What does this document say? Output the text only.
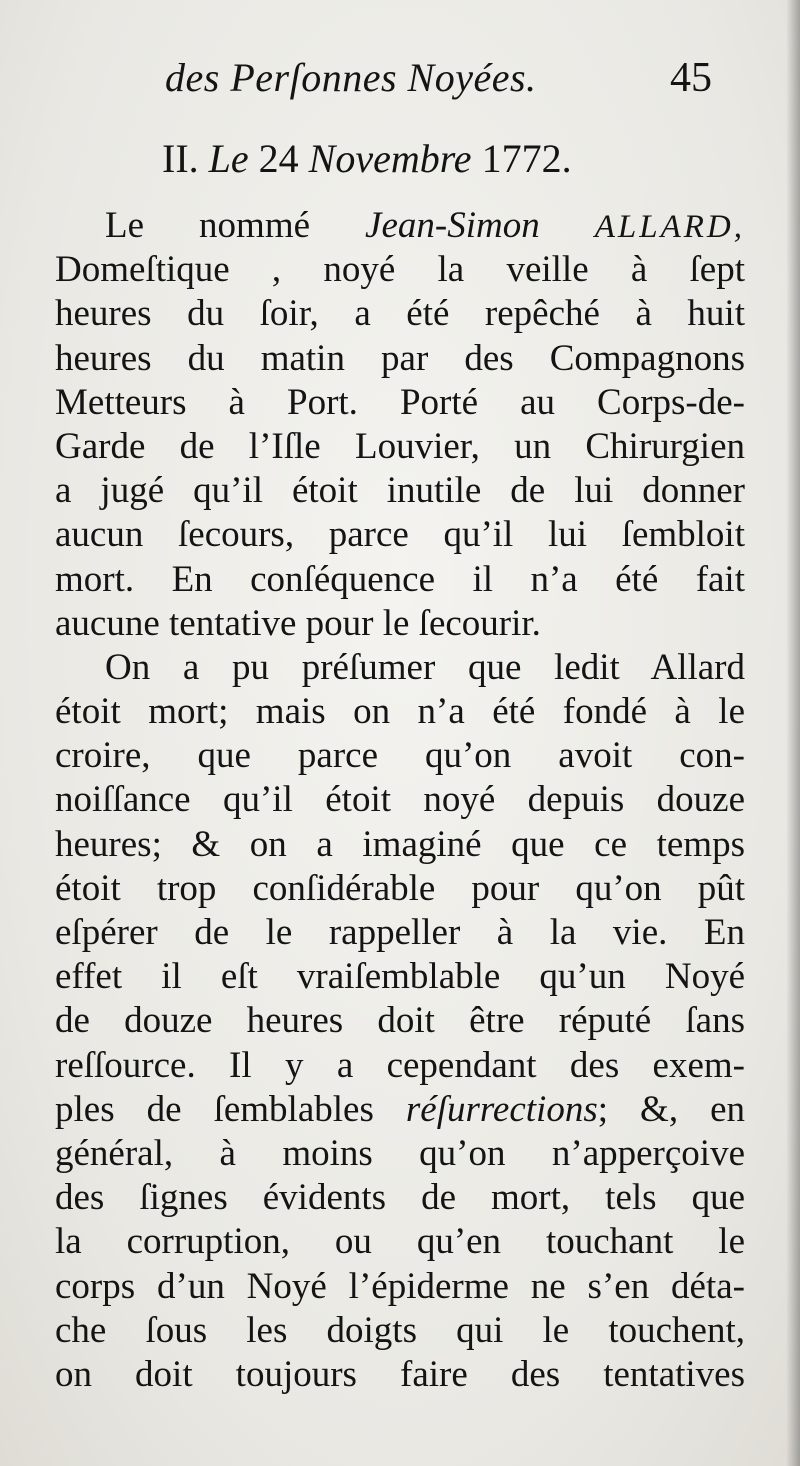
des Perſonnes Noyées.	45
II. Le 24 Novembre 1772.
Le nommé Jean-Simon ALLARD,
Domeſtique , noyé la veille à ſept
heures du ſoir, a été repêché à huit
heures du matin par des Compagnons
Metteurs à Port. Porté au Corps-de-
Garde de l’Iſle Louvier, un Chirurgien
a jugé qu’il étoit inutile de lui donner
aucun ſecours, parce qu’il lui ſembloit
mort. En conſéquence il n’a été fait
aucune tentative pour le ſecourir.
On a pu préſumer que ledit Allard
étoit mort; mais on n’a été fondé à le
croire, que parce qu’on avoit con-
noiſſance qu’il étoit noyé depuis douze
heures; & on a imaginé que ce temps
étoit trop conſidérable pour qu’on pût
eſpérer de le rappeller à la vie. En
effet il eſt vraiſemblable qu’un Noyé
de douze heures doit être réputé ſans
reſſource. Il y a cependant des exem-
ples de ſemblables réſurrections; &, en
général, à moins qu’on n’apperçoive
des ſignes évidents de mort, tels que
la corruption, ou qu’en touchant le
corps d’un Noyé l’épiderme ne s’en déta-
che ſous les doigts qui le touchent,
on doit toujours faire des tentatives
